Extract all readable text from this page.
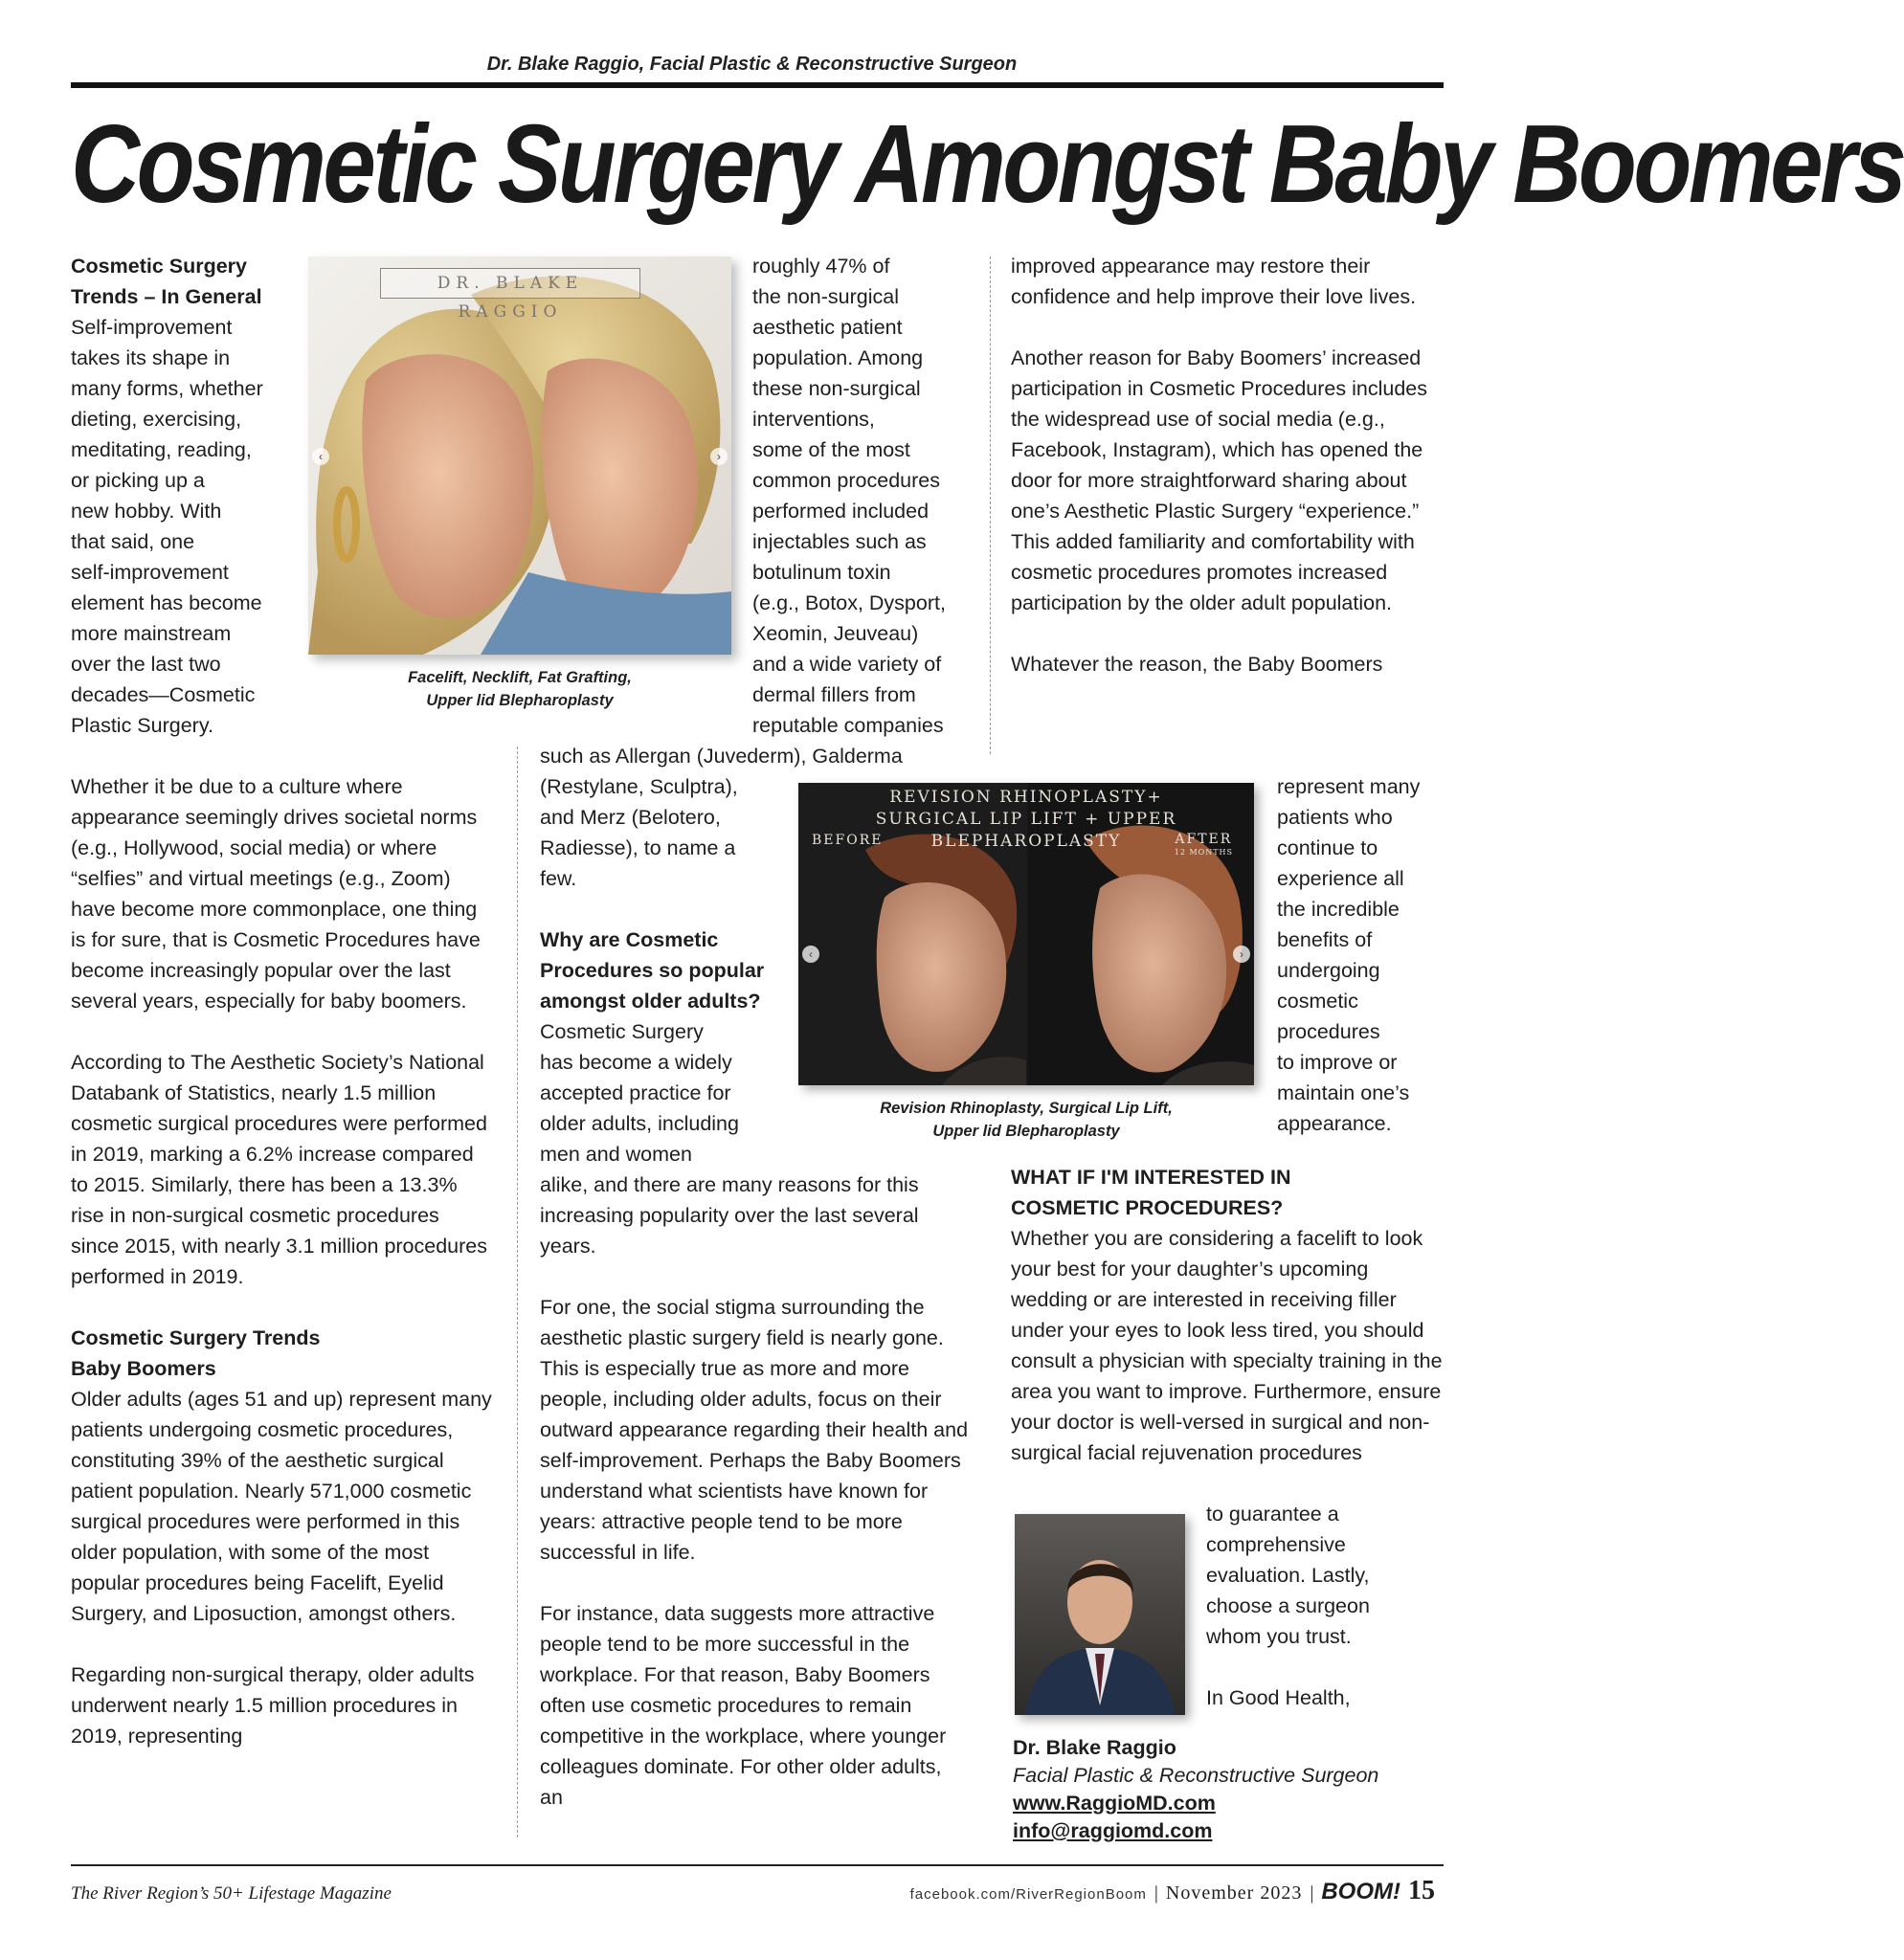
Dr. Blake Raggio, Facial Plastic & Reconstructive Surgeon
Cosmetic Surgery Amongst Baby Boomers

Cosmetic Surgery

Trends – In General

Self-improvement

takes its shape in

many forms, whether

dieting, exercising,

meditating, reading,

or picking up a

new hobby. With

that said, one

self-improvement

element has become

more mainstream

over the last two

decades—Cosmetic

Plastic Surgery.

Whether it be due to a culture where appearance seemingly drives societal norms (e.g., Hollywood, social media) or where “selfies” and virtual meetings (e.g., Zoom) have become more commonplace, one thing is for sure, that is Cosmetic Procedures have become increasingly popular over the last several years, especially for baby boomers.

According to The Aesthetic Society’s National Databank of Statistics, nearly 1.5 million cosmetic surgical procedures were performed in 2019, marking a 6.2% increase compared to 2015. Similarly, there has been a 13.3% rise in non-surgical cosmetic procedures since 2015, with nearly 3.1 million procedures performed in 2019.

Cosmetic Surgery Trends

Baby Boomers

Older adults (ages 51 and up) represent many patients undergoing cosmetic procedures, constituting 39% of the aesthetic surgical patient population. Nearly 571,000 cosmetic surgical procedures were performed in this older population, with some of the most popular procedures being Facelift, Eyelid Surgery, and Liposuction, amongst others.

Regarding non-surgical therapy, older adults underwent nearly 1.5 million procedures in 2019, representing

DR. BLAKE RAGGIO
‹	›
Facelift, Necklift, Fat Grafting,
Upper lid Blepharoplasty

roughly 47% of

the non-surgical

aesthetic patient

population. Among

these non-surgical

interventions,

some of the most

common procedures

performed included

injectables such as

botulinum toxin

(e.g., Botox, Dysport,

Xeomin, Jeuveau)

and a wide variety of

dermal fillers from

reputable companies

such as Allergan (Juvederm), Galderma

(Restylane, Sculptra),

and Merz (Belotero,

Radiesse), to name a

few.

Why are Cosmetic

Procedures so popular

amongst older adults?

Cosmetic Surgery

has become a widely

accepted practice for

older adults, including

men and women

alike, and there are many reasons for this increasing popularity over the last several years.

For one, the social stigma surrounding the aesthetic plastic surgery field is nearly gone. This is especially true as more and more people, including older adults, focus on their outward appearance regarding their health and self-improvement. Perhaps the Baby Boomers understand what scientists have known for years: attractive people tend to be more successful in life.

For instance, data suggests more attractive people tend to be more successful in the workplace. For that reason, Baby Boomers often use cosmetic procedures to remain competitive in the workplace, where younger colleagues dominate. For other older adults, an

REVISION RHINOPLASTY+
SURGICAL LIP LIFT + UPPER
BLEPHAROPLASTY
BEFORE	AFTER
12 MONTHS
‹	›
Revision Rhinoplasty, Surgical Lip Lift,
Upper lid Blepharoplasty

improved appearance may restore their confidence and help improve their love lives.

Another reason for Baby Boomers’ increased participation in Cosmetic Procedures includes the widespread use of social media (e.g., Facebook, Instagram), which has opened the door for more straightforward sharing about one’s Aesthetic Plastic Surgery “experience.” This added familiarity and comfortability with cosmetic procedures promotes increased participation by the older adult population.

Whatever the reason, the Baby Boomers

represent many

patients who

continue to

experience all

the incredible

benefits of

undergoing

cosmetic

procedures

to improve or

maintain one’s

appearance.

WHAT IF I'M INTERESTED IN

COSMETIC PROCEDURES?

Whether you are considering a facelift to look your best for your daughter’s upcoming wedding or are interested in receiving filler under your eyes to look less tired, you should consult a physician with specialty training in the area you want to improve. Furthermore, ensure your doctor is well-versed in surgical and non-surgical facial rejuvenation procedures

to guarantee a

comprehensive

evaluation. Lastly,

choose a surgeon

whom you trust.

In Good Health,

Dr. Blake Raggio
Facial Plastic & Reconstructive Surgeon
www.RaggioMD.com
info@raggiomd.com
The River Region’s 50+ Lifestage Magazine	facebook.com/RiverRegionBoom | November 2023 | BOOM! 15
